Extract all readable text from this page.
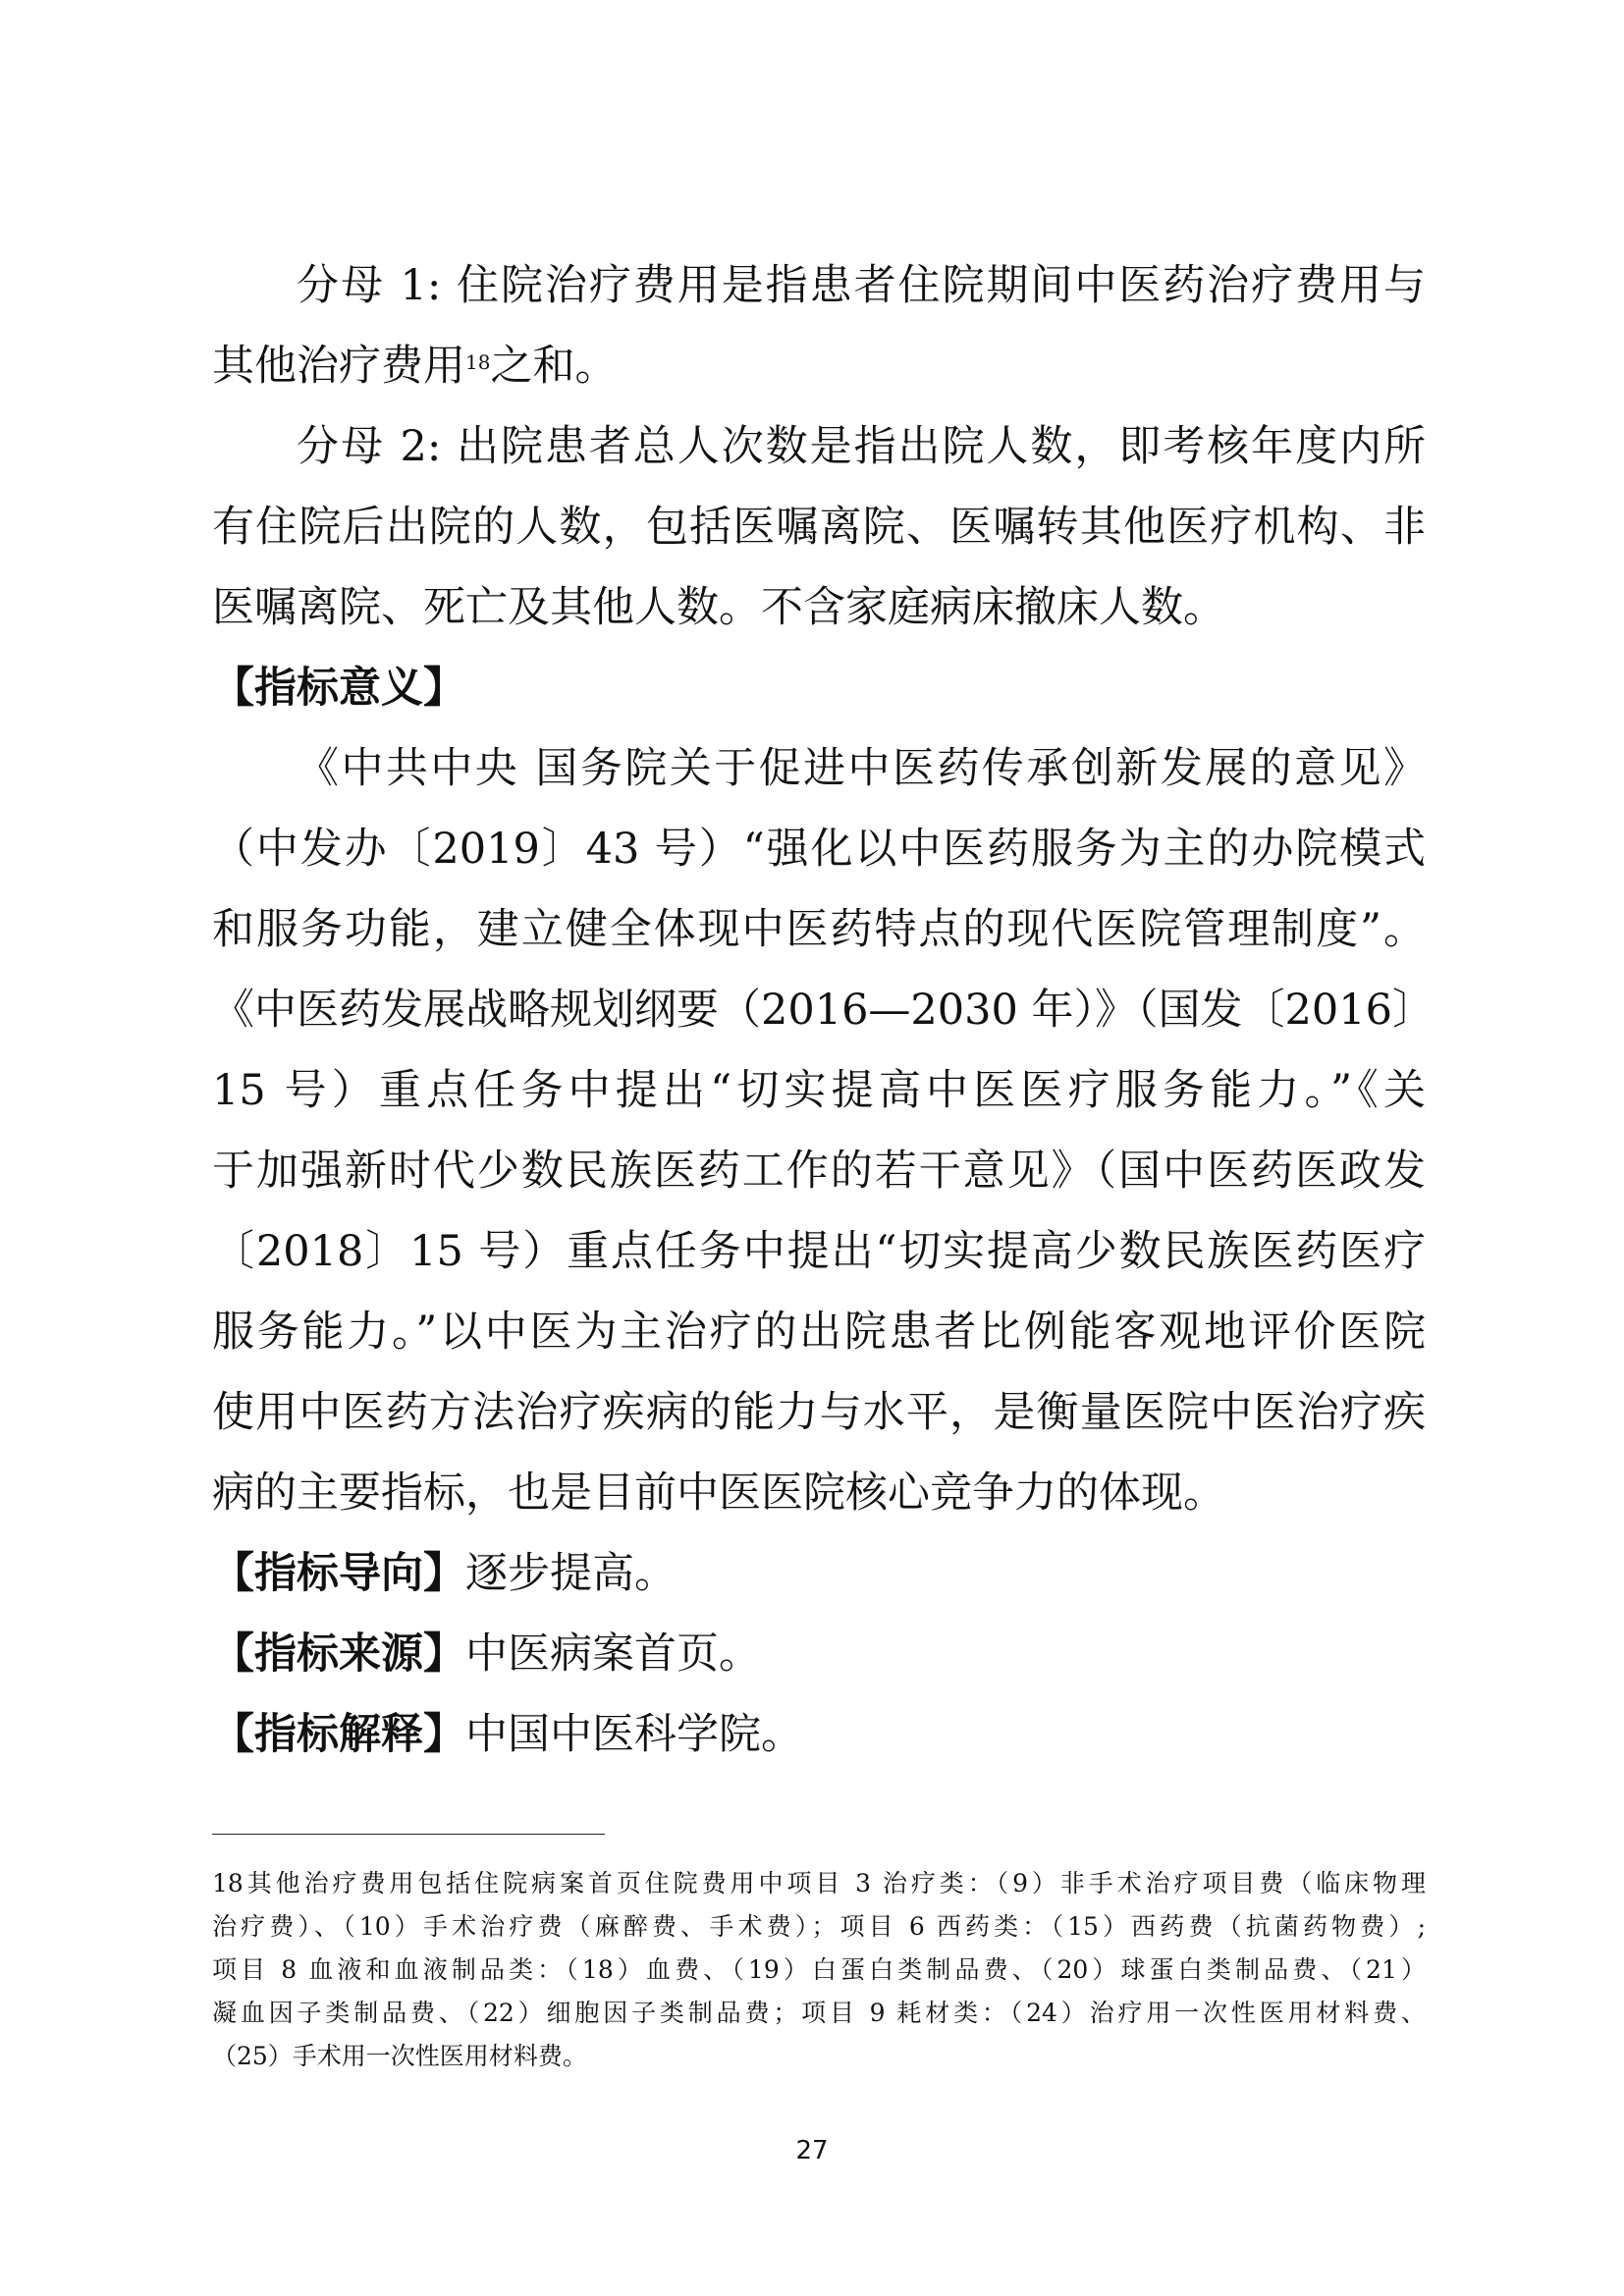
分母 1: 住院治疗费用是指患者住院期间中医药治疗费用与
其他治疗费用$^{18}$之和。
分母 2: 出院患者总人次数是指出院人数，即考核年度内所
有住院后出院的人数，包括医嘱离院、医嘱转其他医疗机构、非
医嘱离院、死亡及其他人数。不含家庭病床撤床人数。
【指标意义】
《中共中央 国务院关于促进中医药传承创新发展的意见》
（中发办〔2019〕43 号）“强化以中医药服务为主的办院模式
和服务功能，建立健全体现中医药特点的现代医院管理制度”。
《中医药发展战略规划纲要（2016—2030 年）》（国发〔2016〕
15 号）重点任务中提出“切实提高中医医疗服务能力。”《关
于加强新时代少数民族医药工作的若干意见》（国中医药医政发
〔2018〕15 号）重点任务中提出“切实提高少数民族医药医疗
服务能力。”以中医为主治疗的出院患者比例能客观地评价医院
使用中医药方法治疗疾病的能力与水平，是衡量医院中医治疗疾
病的主要指标，也是目前中医医院核心竞争力的体现。
【指标导向】逐步提高。
【指标来源】中医病案首页。
【指标解释】中国中医科学院。
18其他治疗费用包括住院病案首页住院费用中项目 3 治疗类：（9）非手术治疗项目费（临床物理
治疗费）、（10）手术治疗费（麻醉费、手术费）；项目 6 西药类：（15）西药费（抗菌药物费）;
项目 8 血液和血液制品类：（18）血费、（19）白蛋白类制品费、（20）球蛋白类制品费、（21）
凝血因子类制品费、（22）细胞因子类制品费；项目 9 耗材类：（24）治疗用一次性医用材料费、
（25）手术用一次性医用材料费。
27
